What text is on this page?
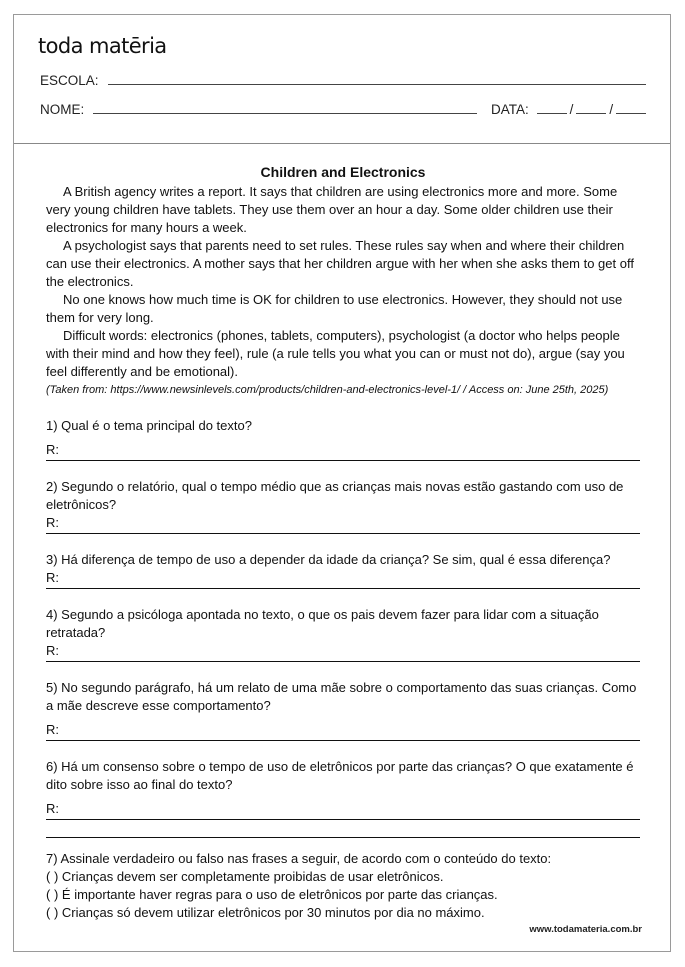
toda matēria
ESCOLA:
NOME:	DATA:	/	/
Children and Electronics

A British agency writes a report. It says that children are using electronics more and more. Some very young children have tablets. They use them over an hour a day. Some older children use their electronics for many hours a week.

A psychologist says that parents need to set rules. These rules say when and where their children can use their electronics. A mother says that her children argue with her when she asks them to get off the electronics.

No one knows how much time is OK for children to use electronics. However, they should not use them for very long.

Difficult words: electronics (phones, tablets, computers), psychologist (a doctor who helps people with their mind and how they feel), rule (a rule tells you what you can or must not do), argue (say you feel differently and be emotional).

(Taken from: https://www.newsinlevels.com/products/children-and-electronics-level-1/ / Access on: June 25th, 2025)

1) Qual é o tema principal do texto?
R:
2) Segundo o relatório, qual o tempo médio que as crianças mais novas estão gastando com uso de eletrônicos?
R:
3) Há diferença de tempo de uso a depender da idade da criança? Se sim, qual é essa diferença?
R:
4) Segundo a psicóloga apontada no texto, o que os pais devem fazer para lidar com a situação retratada?
R:
5) No segundo parágrafo, há um relato de uma mãe sobre o comportamento das suas crianças. Como a mãe descreve esse comportamento?
R:
6) Há um consenso sobre o tempo de uso de eletrônicos por parte das crianças? O que exatamente é dito sobre isso ao final do texto?
R:
7) Assinale verdadeiro ou falso nas frases a seguir, de acordo com o conteúdo do texto:
( ) Crianças devem ser completamente proibidas de usar eletrônicos.
( ) É importante haver regras para o uso de eletrônicos por parte das crianças.
( ) Crianças só devem utilizar eletrônicos por 30 minutos por dia no máximo.
www.todamateria.com.br
